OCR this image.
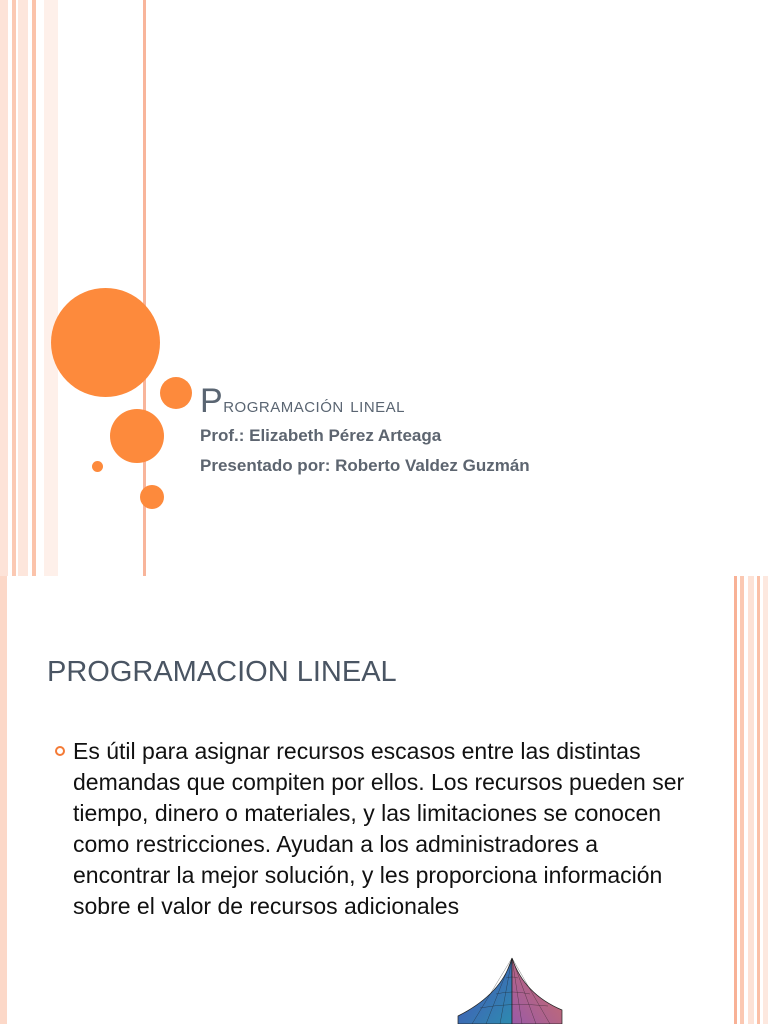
Programación lineal

Prof.: Elizabeth Pérez Arteaga

Presentado por: Roberto Valdez Guzmán

PROGRAMACION LINEAL

Es útil para asignar recursos escasos entre las distintas demandas que compiten por ellos. Los recursos pueden ser tiempo, dinero o materiales, y las limitaciones se conocen como restricciones. Ayudan a los administradores a encontrar la mejor solución, y les proporciona información sobre el valor de recursos adicionales
